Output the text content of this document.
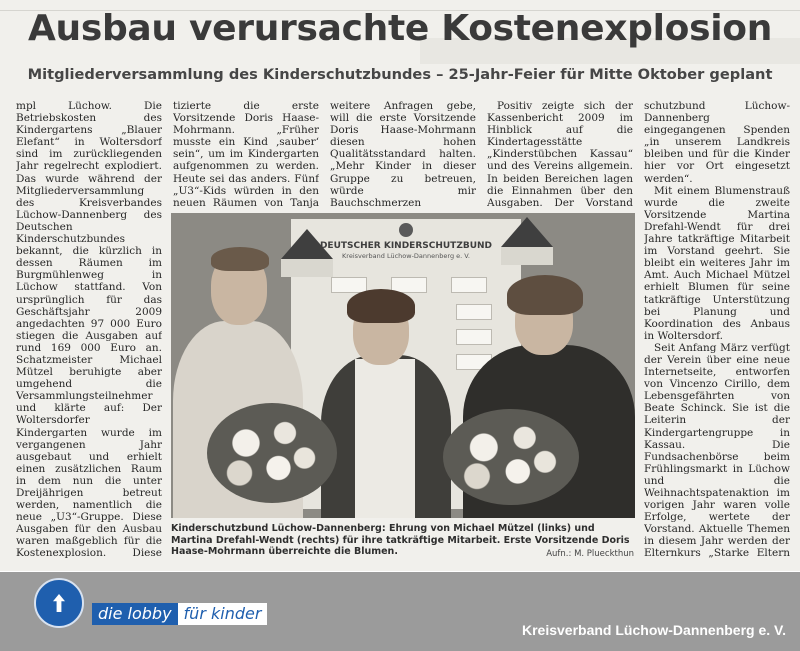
Ausbau verursachte Kostenexplosion
Mitgliederversammlung des Kinderschutzbundes – 25-Jahr-Feier für Mitte Oktober geplant

mpl Lüchow. Die Betriebskosten des Kindergartens „Blauer Elefant“ in Woltersdorf sind im zurückliegenden Jahr regelrecht explodiert. Das wurde während der Mitgliederversammlung des Kreisverbandes Lüchow-Dannenberg des Deutschen Kinderschutzbundes bekannt, die kürzlich in dessen Räumen im Burgmühlenweg in Lüchow stattfand. Von ursprünglich für das Geschäftsjahr 2009 angedachten 97 000 Euro stiegen die Ausgaben auf rund 169 000 Euro an. Schatzmeister Michael Mützel beruhigte aber umgehend die Versammlungsteilnehmer und klärte auf: Der Woltersdorfer Kindergarten wurde im vergangenen Jahr ausgebaut und erhielt einen zusätzlichen Raum in dem nun die unter Dreijährigen betreut werden, namentlich die neue „U3“-Gruppe. Diese Ausgaben für den Ausbau waren maßgeblich für die Kostenexplosion. Diese

tizierte die erste Vorsitzende Doris Haase-Mohrmann. „Früher musste ein Kind ‚sauber‘ sein“, um im Kindergarten aufgenommen zu werden. Heute sei das anders. Fünf „U3“-Kids würden in den neuen Räumen von Tanja

weitere Anfragen gebe, will die erste Vorsitzende Doris Haase-Mohrmann diesen hohen Qualitätsstandard halten. „Mehr Kinder in dieser Gruppe zu betreuen, würde mir Bauchschmerzen

Positiv zeigte sich der Kassenbericht 2009 im Hinblick auf die Kindertagesstätte „Kinderstübchen Kassau“ und des Vereins allgemein. In beiden Bereichen lagen die Einnahmen über den Ausgaben. Der Vorstand

schutzbund Lüchow-Dannenberg eingegangenen Spenden „in unserem Landkreis bleiben und für die Kinder hier vor Ort eingesetzt werden“.

Mit einem Blumenstrauß wurde die zweite Vorsitzende Martina Drefahl-Wendt für drei Jahre tatkräftige Mitarbeit im Vorstand geehrt. Sie bleibt ein weiteres Jahr im Amt. Auch Michael Mützel erhielt Blumen für seine tatkräftige Unterstützung bei Planung und Koordination des Anbaus in Woltersdorf.

Seit Anfang März verfügt der Verein über eine neue Internetseite, entworfen von Vincenzo Cirillo, dem Lebensgefährten von Beate Schinck. Sie ist die Leiterin der Kindergartengruppe in Kassau. Die Fundsachenbörse beim Frühlingsmarkt in Lüchow und die Weihnachtspatenaktion im vorigen Jahr waren volle Erfolge, wertete der Vorstand. Aktuelle Themen in diesem Jahr werden der Elternkurs „Starke Eltern

DEUTSCHER KINDERSCHUTZBUND
Kreisverband Lüchow-Dannenberg e. V.
Kinderschutzbund Lüchow-Dannenberg: Ehrung von Michael Mützel (links) und Martina Drefahl-Wendt (rechts) für ihre tatkräftige Mitarbeit. Erste Vorsitzende Doris Haase-Mohrmann überreichte die Blumen.	Aufn.: M. Plueckthun
die lobby für kinder
Kreisverband Lüchow-Dannenberg e. V.
